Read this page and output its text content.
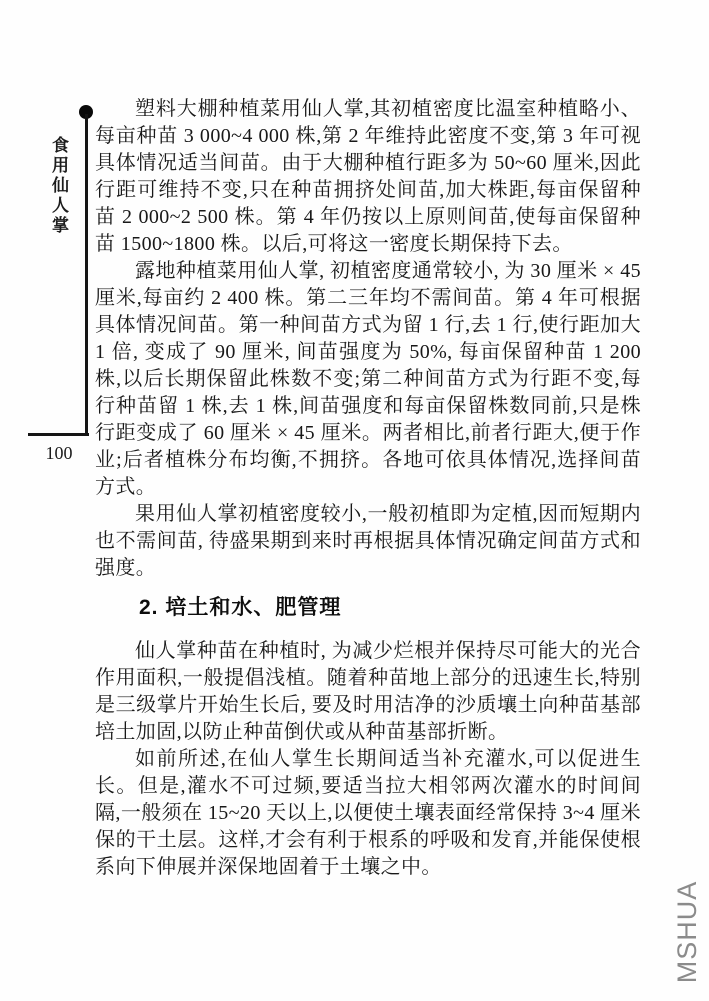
食用仙人掌
100

塑料大棚种植菜用仙人掌,其初植密度比温室种植略小、每亩种苗 3 000~4 000 株,第 2 年维持此密度不变,第 3 年可视具体情况适当间苗。由于大棚种植行距多为 50~60 厘米,因此行距可维持不变,只在种苗拥挤处间苗,加大株距,每亩保留种苗 2 000~2 500 株。第 4 年仍按以上原则间苗,使每亩保留种苗 1500~1800 株。以后,可将这一密度长期保持下去。

露地种植菜用仙人掌, 初植密度通常较小, 为 30 厘米 × 45 厘米,每亩约 2 400 株。第二三年均不需间苗。第 4 年可根据具体情况间苗。第一种间苗方式为留 1 行,去 1 行,使行距加大 1 倍, 变成了 90 厘米, 间苗强度为 50%, 每亩保留种苗 1 200 株,以后长期保留此株数不变;第二种间苗方式为行距不变,每行种苗留 1 株,去 1 株,间苗强度和每亩保留株数同前,只是株行距变成了 60 厘米 × 45 厘米。两者相比,前者行距大,便于作业;后者植株分布均衡,不拥挤。各地可依具体情况,选择间苗方式。

果用仙人掌初植密度较小,一般初植即为定植,因而短期内也不需间苗, 待盛果期到来时再根据具体情况确定间苗方式和强度。

2. 培土和水、肥管理

仙人掌种苗在种植时, 为减少烂根并保持尽可能大的光合作用面积,一般提倡浅植。随着种苗地上部分的迅速生长,特别是三级掌片开始生长后, 要及时用洁净的沙质壤土向种苗基部培土加固,以防止种苗倒伏或从种苗基部折断。

如前所述,在仙人掌生长期间适当补充灌水,可以促进生长。但是,灌水不可过频,要适当拉大相邻两次灌水的时间间隔,一般须在 15~20 天以上,以便使土壤表面经常保持 3~4 厘米保的干土层。这样,才会有利于根系的呼吸和发育,并能保使根系向下伸展并深保地固着于土壤之中。

MSHUA
